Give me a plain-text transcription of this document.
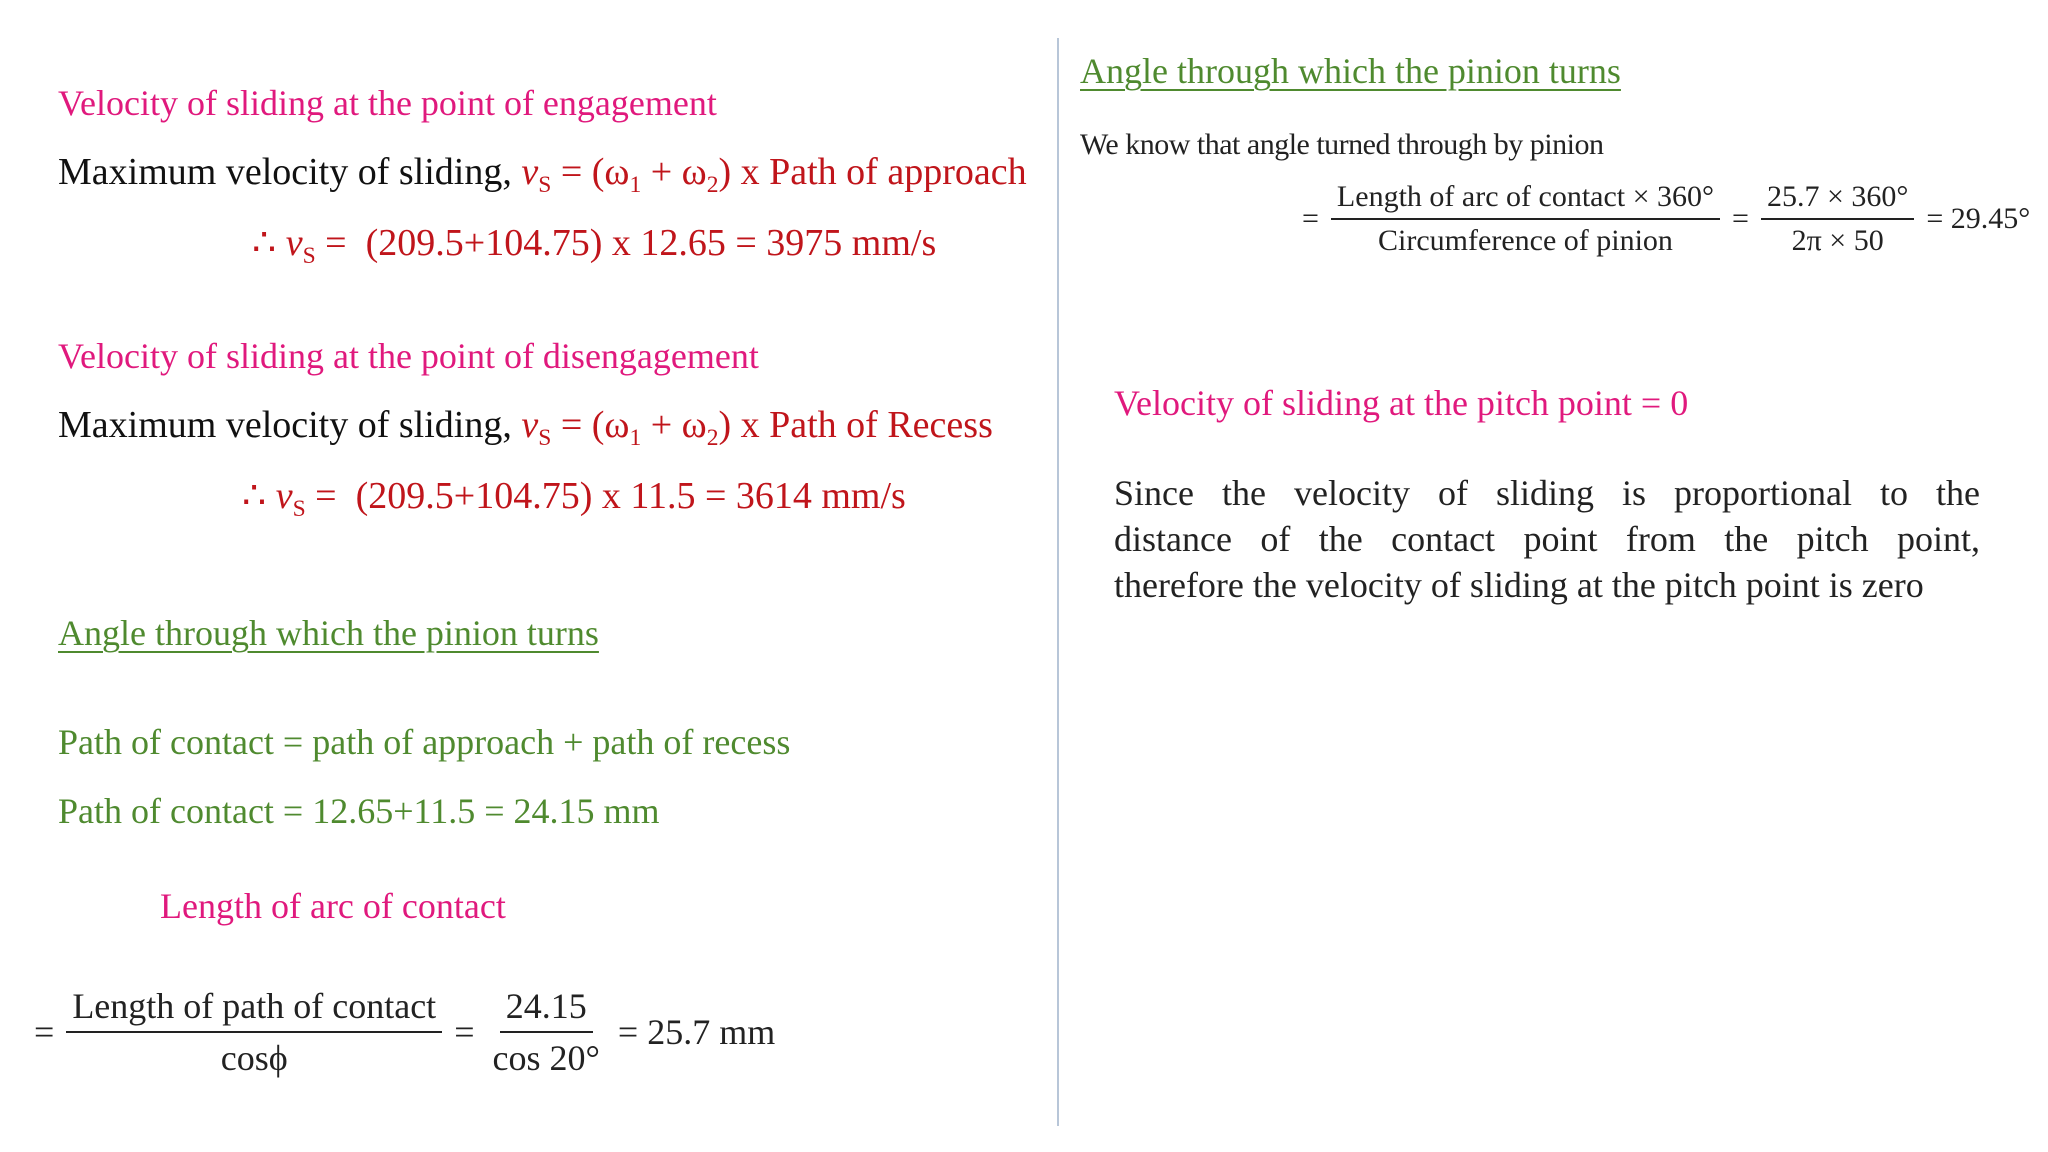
Velocity of sliding at the point of engagement
Maximum velocity of sliding, $v_S = (\omega_1 + \omega_2)$ x Path of approach
∴ $v_S = (209.5+104.75)$ x 12.65 = 3975 mm/s
Velocity of sliding at the point of disengagement
Maximum velocity of sliding, $v_S = (\omega_1 + \omega_2)$ x Path of Recess
∴ $v_S = (209.5+104.75)$ x 11.5 = 3614 mm/s
Angle through which the pinion turns
Path of contact = path of approach + path of recess
Path of contact = 12.65+11.5 = 24.15 mm
Length of arc of contact
= $\frac{\text{Length of path of contact}}{\cos\phi} = \frac{24.15}{\cos 20^\circ} = 25.7$ mm
Angle through which the pinion turns
We know that angle turned through by pinion
= $\frac{\text{Length of arc of contact × 360°}}{\text{Circumference of pinion}} = \frac{25.7 \times 360^\circ}{2\pi \times 50} = 29.45^\circ$
Velocity of sliding at the pitch point = 0
Since the velocity of sliding is proportional to the
distance of the contact point from the pitch point,
therefore the velocity of sliding at the pitch point is zero
